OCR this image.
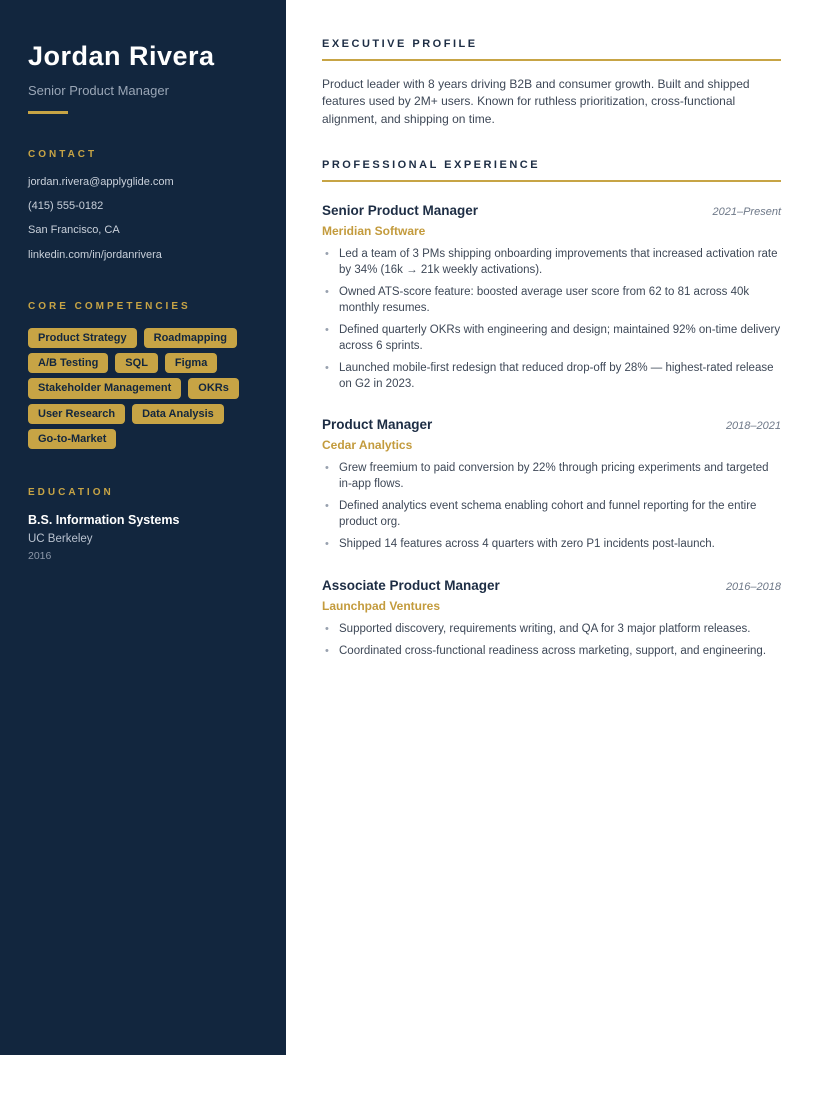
Jordan Rivera
Senior Product Manager
CONTACT
jordan.rivera@applyglide.com
(415) 555-0182
San Francisco, CA
linkedin.com/in/jordanrivera
CORE COMPETENCIES
Product Strategy	Roadmapping
A/B Testing	SQL	Figma
Stakeholder Management	OKRs
User Research	Data Analysis
Go-to-Market
EDUCATION
B.S. Information Systems
UC Berkeley
2016
EXECUTIVE PROFILE

Product leader with 8 years driving B2B and consumer growth. Built and shipped features used by 2M+ users. Known for ruthless prioritization, cross-functional alignment, and shipping on time.

PROFESSIONAL EXPERIENCE
Senior Product Manager	2021–Present
Meridian Software
• Led a team of 3 PMs shipping onboarding improvements that increased activation rate by 34% (16k → 21k weekly activations).
• Owned ATS-score feature: boosted average user score from 62 to 81 across 40k monthly resumes.
• Defined quarterly OKRs with engineering and design; maintained 92% on-time delivery across 6 sprints.
• Launched mobile-first redesign that reduced drop-off by 28% — highest-rated release on G2 in 2023.
Product Manager	2018–2021
Cedar Analytics
• Grew freemium to paid conversion by 22% through pricing experiments and targeted in-app flows.
• Defined analytics event schema enabling cohort and funnel reporting for the entire product org.
• Shipped 14 features across 4 quarters with zero P1 incidents post-launch.
Associate Product Manager	2016–2018
Launchpad Ventures
• Supported discovery, requirements writing, and QA for 3 major platform releases.
• Coordinated cross-functional readiness across marketing, support, and engineering.
